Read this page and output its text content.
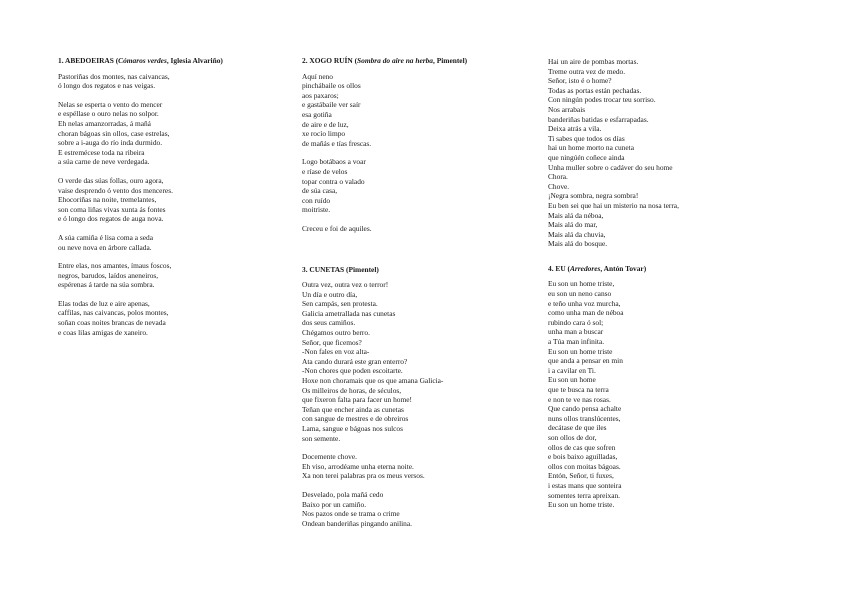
1. ABEDOEIRAS (Cómaros verdes, Iglesia Alvariño)
Pastoriñas dos montes, nas caivancas,
ó longo dos regatos e nas veigas.
Nelas se esperta o vento do mencer
e espéllase o ouro nelas no solpor.
Eh nelas amanzorradas, á mañá
choran bágoas sin ollos, case estrelas,
sobre a i-auga do río inda durmido.
E estremécese toda na ribeira
a súa carne de neve verdegada.
O verde das súas follas, ouro agora,
vaise desprendo ó vento dos menceres.
Ehocoriñas na noite, tremelantes,
son coma liñas vivas xunta ás fontes
e ó longo dos regatos de auga nova.
A súa camiña é lisa coma a seda
ou neve nova en árbore callada.
Entre elas, nos amantes, ímaus foscos,
negros, barudos, laídos aneneiros,
espérenas á tarde na súa sombra.
Elas todas de luz e aire apenas,
caffilas, nas caivancas, polos montes,
soñan coas noites brancas de nevada
e coas lilas amigas de xaneiro.
2. XOGO RUÍN (Sombra do aire na herba, Pimentel)
Aquí neno
pinchábaile os ollos
aos paxaros;
e gastábaile ver saír
esa gotiña
de aire e de luz,
xe rocío limpo
de mañás e tías frescas.
Logo botábaos a voar
e ríase de velos
topar contra o valado
de súa casa,
con ruído
moitriste.
Creceu e foi de aquiles.
3. CUNETAS (Pimentel)
Outra vez, outra vez o terror!
Un día e outro día,
Sen campás, sen protesta.
Galicia ametrallada nas cunetas
dos seus camiños.
Chégamos outro berro.
Señor, que ficemos?
-Non fales en voz alta-
Ata cando durará este gran enterro?
-Non chores que poden escoitarte.
Hoxe non choramais que os que amana Galicia-
Os milleiros de horas, de séculos,
que fixeron falta para facer un home!
Teñan que encher ainda as cunetas
con sangue de mestres e de obreiros
Lama, sangue e bágoas nos sulcos
son semente.
Docemente chove.
Eh viso, arrodéame unha eterna noite.
Xa non terei palabras pra os meus versos.
Desvelado, pola mañá cedo
Baixo por un camiño.
Nos pazos onde se trama o crime
Ondean banderiñas pingando anilina.
Hai un aire de pombas mortas.
Treme outra vez de medo.
Señor, isto é o home?
Todas as portas están pechadas.
Con ningún podes trocar teu sorriso.
Nos arrabais
banderiñas batidas e esfarrapadas.
Deixa atrás a vila.
Ti sabes que todos os días
hai un home morto na cuneta
que ningúén coñece ainda
Unha muller sobre o cadáver do seu home
Chora.
Chove.
¡Negra sombra, negra sombra!
Eu ben sei que hai un misterio na nosa terra,
Mais alá da néboa,
Mais alá do mar,
Mais alá da chuvia,
Mais alá do bosque.
4. EU (Arredores, Antón Tovar)
Eu son un home triste,
eu son un neno canso
e teño unha voz murcha,
como unha man de néboa
rubindo cara ó sol;
unha man a buscar
a Túa man infinita.
Eu son un home triste
que anda a pensar en min
i a cavilar en Ti.
Eu son un home
que te busca na terra
e non te ve nas rosas.
Que cando pensa achalte
nuns ollos translúcentes,
decátase de que iles
son ollos de dor,
ollos de cas que sofren
e bois baixo aguilladas,
ollos con moitas bágoas.
Entón, Señor, ti fuxes,
i estas mans que sonteira
somentes terra apreixan.
Eu son un home triste.
